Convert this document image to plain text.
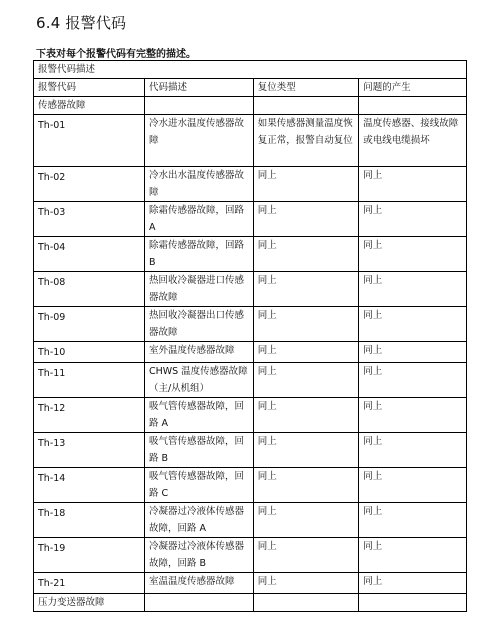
6.4 报警代码
下表对每个报警代码有完整的描述。
报警代码描述			
报警代码	代码描述	复位类型	问题的产生
传感器故障			
Th-01	冷水进水温度传感器故障	如果传感器测量温度恢复正常，报警自动复位	温度传感器、接线故障或电线电缆损坏
Th-02	冷水出水温度传感器故障	同上	同上
Th-03	除霜传感器故障，回路 A	同上	同上
Th-04	除霜传感器故障，回路 B	同上	同上
Th-08	热回收冷凝器进口传感器故障	同上	同上
Th-09	热回收冷凝器出口传感器故障	同上	同上
Th-10	室外温度传感器故障	同上	同上
Th-11	CHWS 温度传感器故障（主/从机组）	同上	同上
Th-12	吸气管传感器故障，回路 A	同上	同上
Th-13	吸气管传感器故障，回路 B	同上	同上
Th-14	吸气管传感器故障，回路 C	同上	同上
Th-18	冷凝器过冷液体传感器故障，回路 A	同上	同上
Th-19	冷凝器过冷液体传感器故障，回路 B	同上	同上
Th-21	室温温度传感器故障	同上	同上
压力变送器故障			
